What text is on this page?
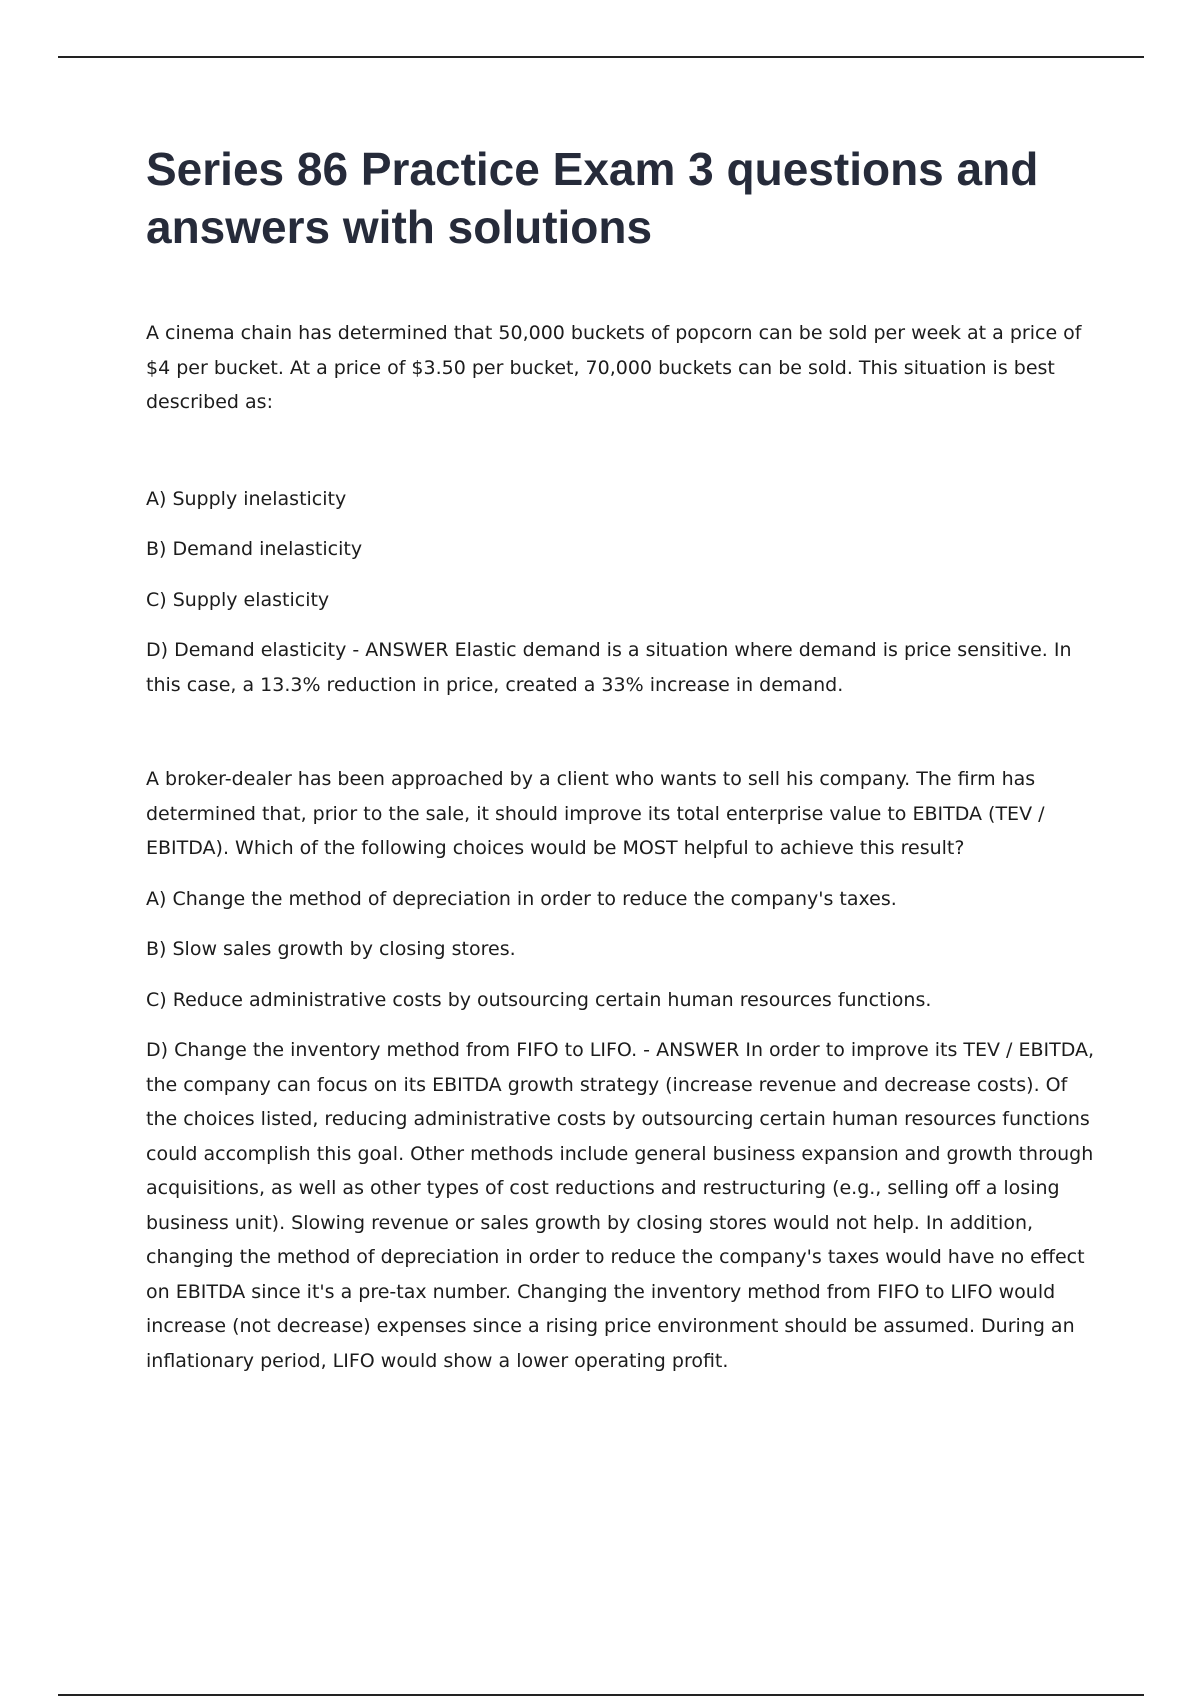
Series 86 Practice Exam 3 questions and answers with solutions

A cinema chain has determined that 50,000 buckets of popcorn can be sold per week at a price of $4 per bucket. At a price of $3.50 per bucket, 70,000 buckets can be sold. This situation is best described as:

A) Supply inelasticity

B) Demand inelasticity

C) Supply elasticity

D) Demand elasticity - ANSWER Elastic demand is a situation where demand is price sensitive. In this case, a 13.3% reduction in price, created a 33% increase in demand.

A broker-dealer has been approached by a client who wants to sell his company. The firm has determined that, prior to the sale, it should improve its total enterprise value to EBITDA (TEV / EBITDA). Which of the following choices would be MOST helpful to achieve this result?

A) Change the method of depreciation in order to reduce the company's taxes.

B) Slow sales growth by closing stores.

C) Reduce administrative costs by outsourcing certain human resources functions.

D) Change the inventory method from FIFO to LIFO. - ANSWER In order to improve its TEV / EBITDA, the company can focus on its EBITDA growth strategy (increase revenue and decrease costs). Of the choices listed, reducing administrative costs by outsourcing certain human resources functions could accomplish this goal. Other methods include general business expansion and growth through acquisitions, as well as other types of cost reductions and restructuring (e.g., selling off a losing business unit). Slowing revenue or sales growth by closing stores would not help. In addition, changing the method of depreciation in order to reduce the company's taxes would have no effect on EBITDA since it's a pre-tax number. Changing the inventory method from FIFO to LIFO would increase (not decrease) expenses since a rising price environment should be assumed. During an inflationary period, LIFO would show a lower operating profit.
